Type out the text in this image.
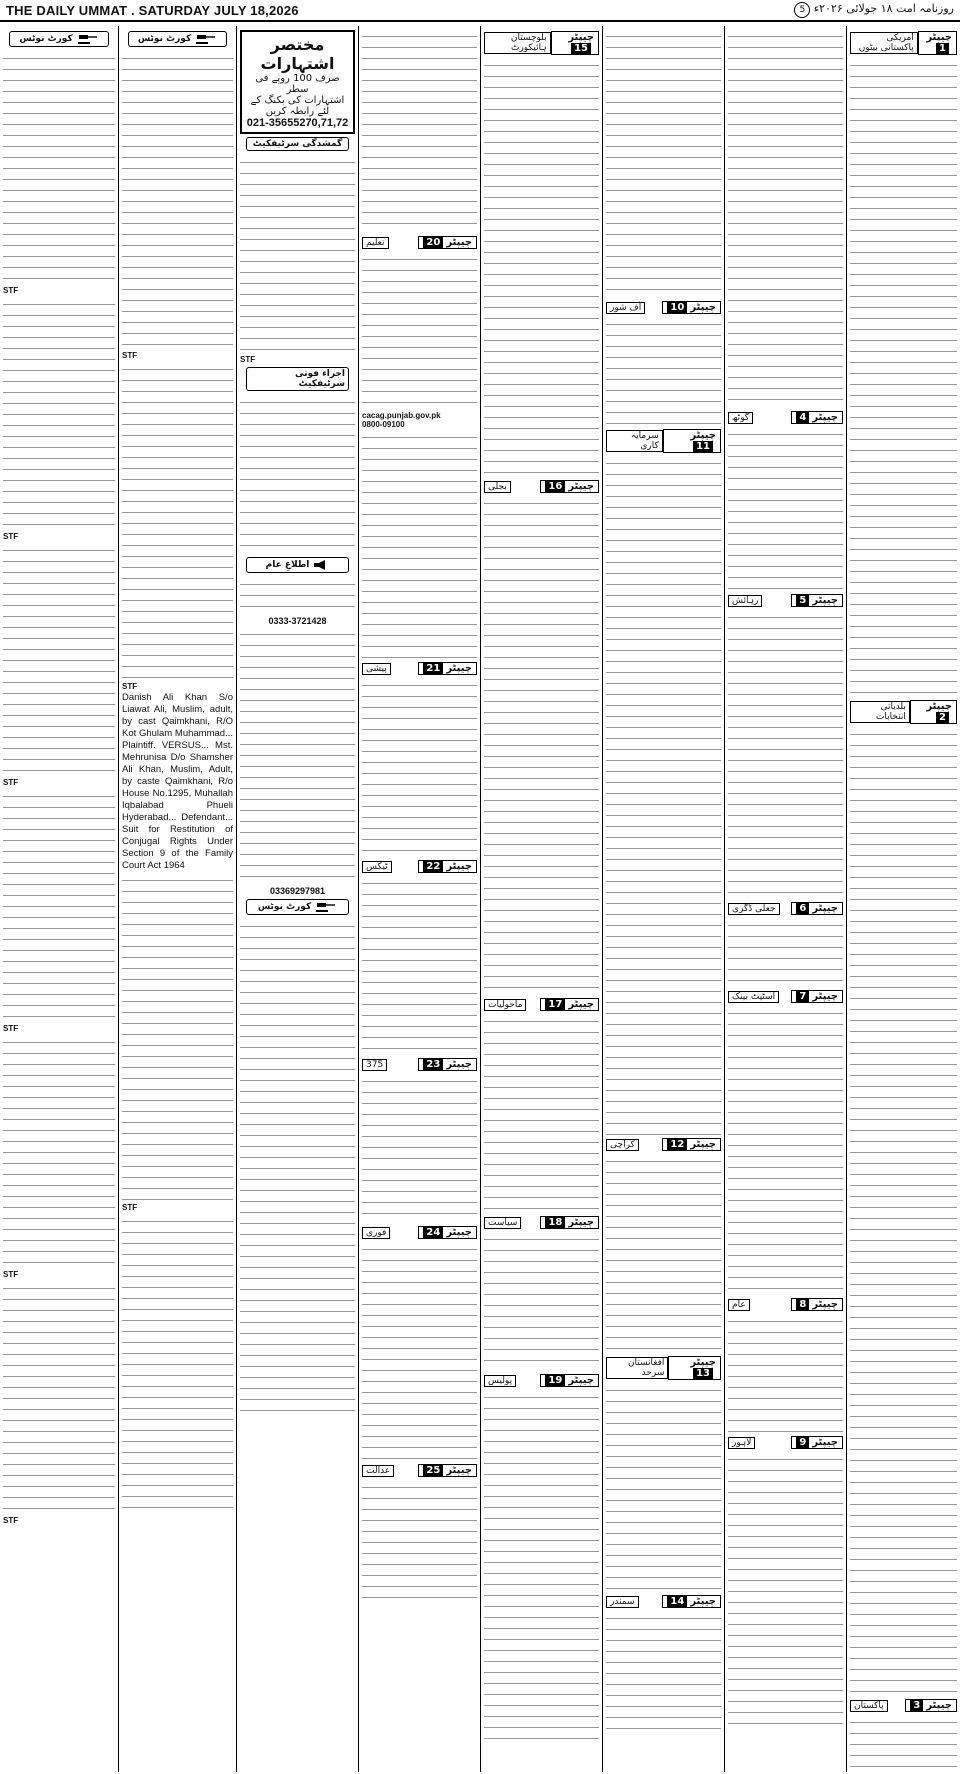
THE DAILY UMMAT . SATURDAY JULY 18,2026	روزنامہ امت ۱۸ جولائی ۲۰۲۶ء 5
کورٹ نوٹس
STF
STF
STF
STF
STF
STF
کورٹ نوٹس
STF
STF
Danish Ali Khan S/o Liawat Ali, Muslim, adult, by cast Qaimkhani, R/O Kot Ghulam Muhammad... Plaintiff. VERSUS... Mst. Mehrunisa D/o Shamsher Ali Khan, Muslim, Adult, by caste Qaimkhani, R/o House No.1295, Muhallah Iqbalabad Phueli Hyderabad... Defendant... Suit for Restitution of Conjugal Rights Under Section 9 of the Family Court Act 1964
STF
مختصر اشتہارات
صرف 100 روپے فی سطر
اشتہارات کی بکنگ کے لئے رابطہ کریں
021-35655270,71,72
گمشدگی سرٹیفکیٹ
STF
اجراء فوتی سرٹیفکیٹ
اطلاعِ عام
0333-3721428
03369297981
کورٹ نوٹس
چیپٹر20
تعلیم
cacag.punjab.gov.pk
0800-09100
چیپٹر21
پیشی
چیپٹر22
ٹیکس
چیپٹر23
375
چیپٹر24
فوری
چیپٹر25
عدالت
چیپٹر15
بلوچستان ہائیکورٹ
چیپٹر16
بجلی
چیپٹر17
ماحولیات
چیپٹر18
سیاست
چیپٹر19
پولیس
چیپٹر10
آف شور
چیپٹر11
سرمایہ کاری
چیپٹر12
کراچی
چیپٹر13
افغانستان سرحد
چیپٹر14
سمندر
چیپٹر4
گوٹھ
چیپٹر5
رہائش
چیپٹر6
جعلی ڈگری
چیپٹر7
اسٹیٹ بینک
چیپٹر8
عام
چیپٹر9
لاہور
چیپٹر1
امریکی پاکستانی بیٹوں
چیپٹر2
بلدیاتی انتخابات
چیپٹر3
پاکستان
